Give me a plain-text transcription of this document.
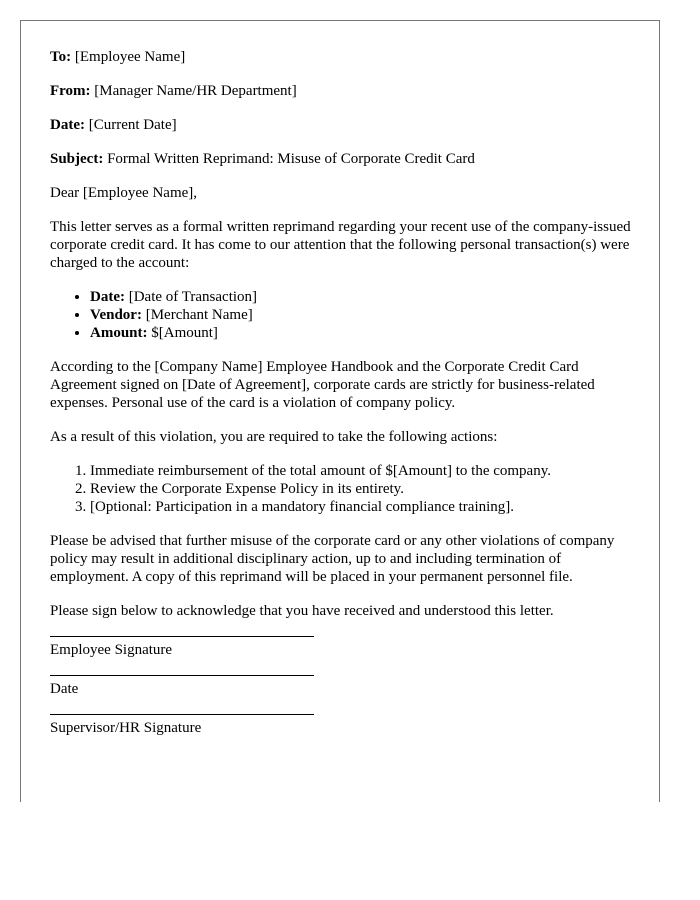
To: [Employee Name]

From: [Manager Name/HR Department]

Date: [Current Date]

Subject: Formal Written Reprimand: Misuse of Corporate Credit Card

Dear [Employee Name],

This letter serves as a formal written reprimand regarding your recent use of the company-issued corporate credit card. It has come to our attention that the following personal transaction(s) were charged to the account:

• Date: [Date of Transaction]
• Vendor: [Merchant Name]
• Amount: $[Amount]

According to the [Company Name] Employee Handbook and the Corporate Credit Card Agreement signed on [Date of Agreement], corporate cards are strictly for business-related expenses. Personal use of the card is a violation of company policy.

As a result of this violation, you are required to take the following actions:

1. Immediate reimbursement of the total amount of $[Amount] to the company.
2. Review the Corporate Expense Policy in its entirety.
3. [Optional: Participation in a mandatory financial compliance training].

Please be advised that further misuse of the corporate card or any other violations of company policy may result in additional disciplinary action, up to and including termination of employment. A copy of this reprimand will be placed in your permanent personnel file.

Please sign below to acknowledge that you have received and understood this letter.

Employee Signature
Date
Supervisor/HR Signature
